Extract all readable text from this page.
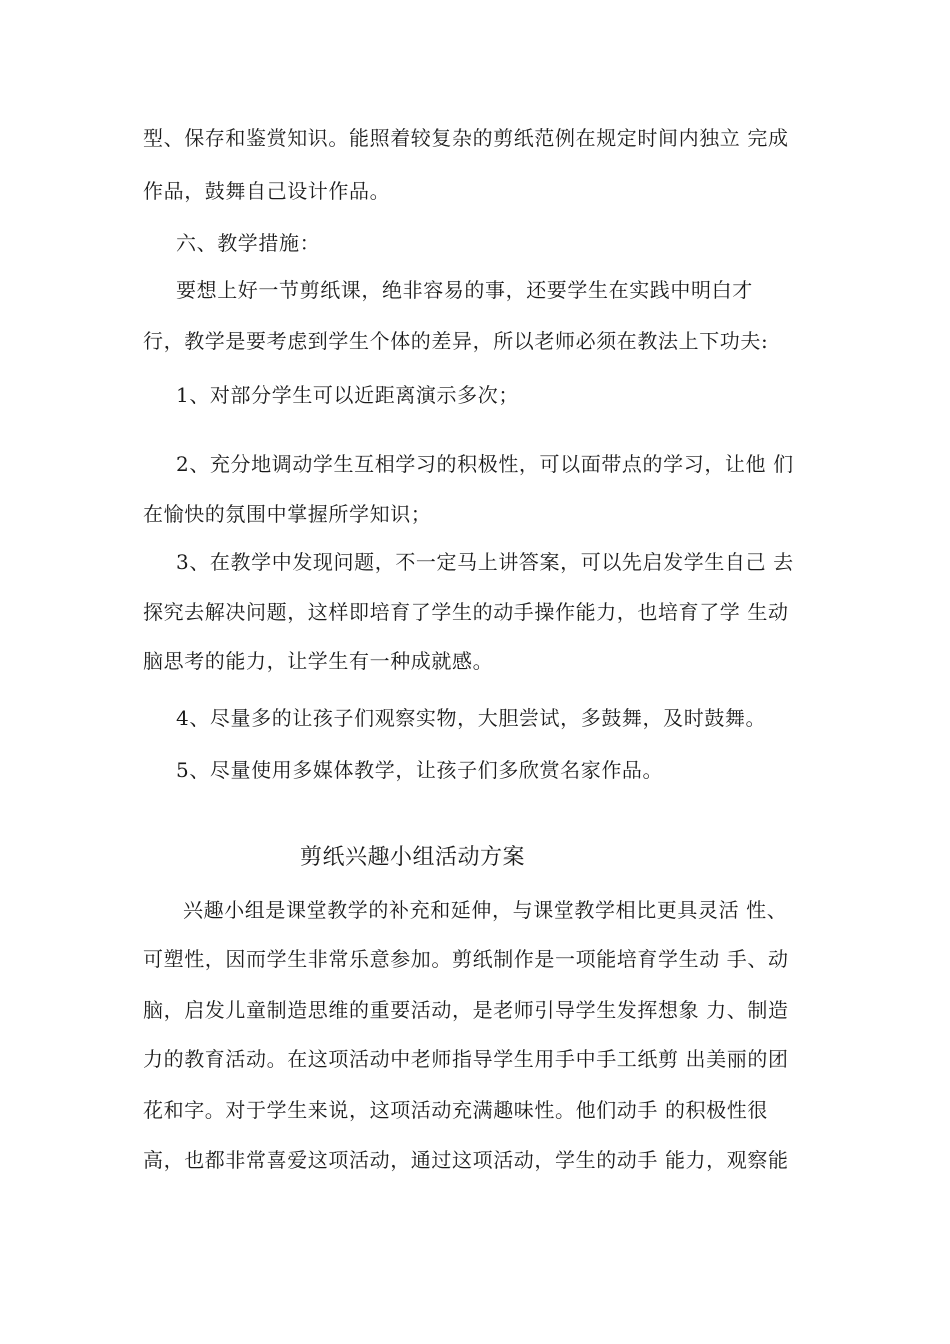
型、保存和鉴赏知识。能照着较复杂的剪纸范例在规定时间内独立 完成
作品，鼓舞自己设计作品。
六、教学措施：
要想上好一节剪纸课，绝非容易的事，还要学生在实践中明白才
行，教学是要考虑到学生个体的差异，所以老师必须在教法上下功夫:
1、对部分学生可以近距离演示多次；
2、充分地调动学生互相学习的积极性，可以面带点的学习，让他 们
在愉快的氛围中掌握所学知识；
3、在教学中发现问题，不一定马上讲答案，可以先启发学生自己 去
探究去解决问题，这样即培育了学生的动手操作能力，也培育了学 生动
脑思考的能力，让学生有一种成就感。
4、尽量多的让孩子们观察实物，大胆尝试，多鼓舞，及时鼓舞。
5、尽量使用多媒体教学，让孩子们多欣赏名家作品。
剪纸兴趣小组活动方案
兴趣小组是课堂教学的补充和延伸，与课堂教学相比更具灵活 性、
可塑性，因而学生非常乐意参加。剪纸制作是一项能培育学生动 手、动
脑，启发儿童制造思维的重要活动，是老师引导学生发挥想象 力、制造
力的教育活动。在这项活动中老师指导学生用手中手工纸剪 出美丽的团
花和字。对于学生来说，这项活动充满趣味性。他们动手 的积极性很
高，也都非常喜爱这项活动，通过这项活动，学生的动手 能力，观察能
